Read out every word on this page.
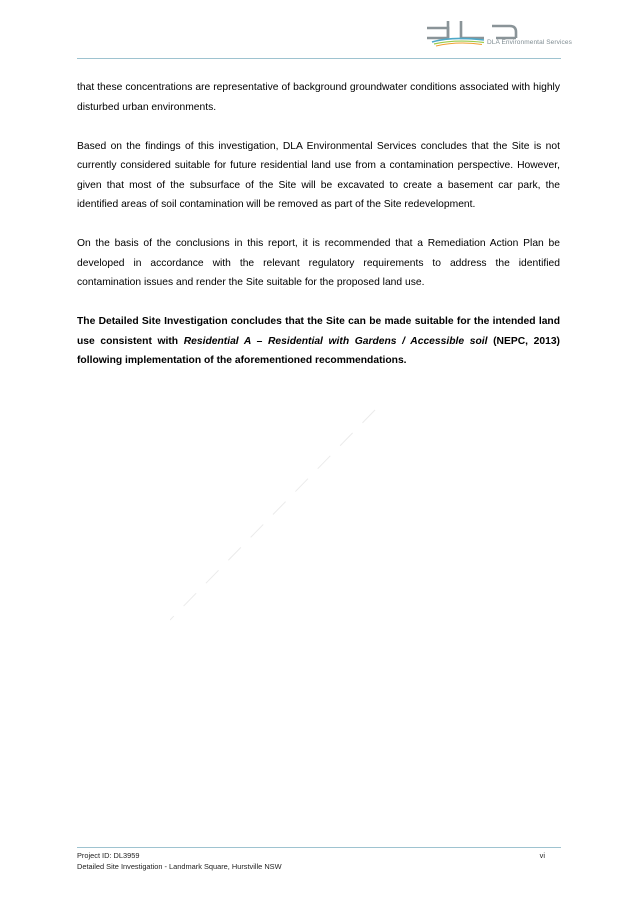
DLA Environmental Services

that these concentrations are representative of background groundwater conditions associated with highly disturbed urban environments.

Based on the findings of this investigation, DLA Environmental Services concludes that the Site is not currently considered suitable for future residential land use from a contamination perspective. However, given that most of the subsurface of the Site will be excavated to create a basement car park, the identified areas of soil contamination will be removed as part of the Site redevelopment.

On the basis of the conclusions in this report, it is recommended that a Remediation Action Plan be developed in accordance with the relevant regulatory requirements to address the identified contamination issues and render the Site suitable for the proposed land use.

The Detailed Site Investigation concludes that the Site can be made suitable for the intended land use consistent with Residential A – Residential with Gardens / Accessible soil (NEPC, 2013) following implementation of the aforementioned recommendations.

Project ID: DL3959
Detailed Site Investigation - Landmark Square, Hurstville NSW
vi
